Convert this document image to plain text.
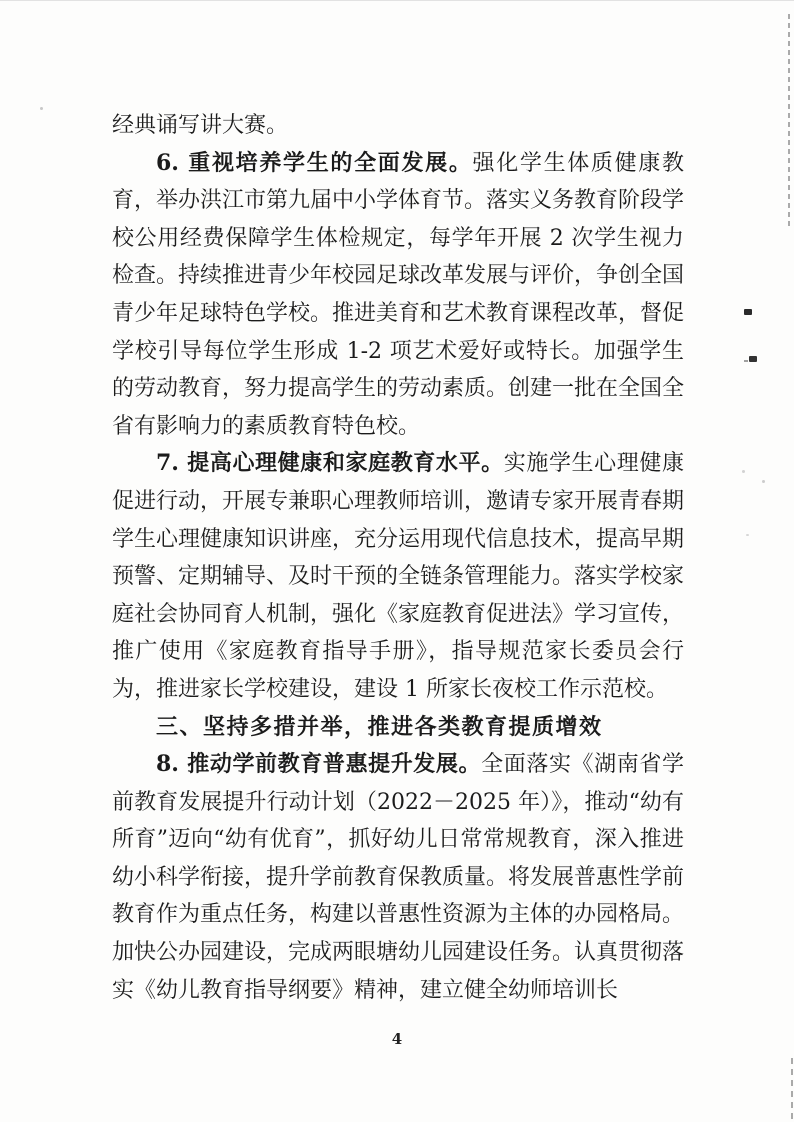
经典诵写讲大赛。

6. 重视培养学生的全面发展。强化学生体质健康教育，举办洪江市第九届中小学体育节。落实义务教育阶段学校公用经费保障学生体检规定，每学年开展 2 次学生视力检查。持续推进青少年校园足球改革发展与评价，争创全国青少年足球特色学校。推进美育和艺术教育课程改革，督促学校引导每位学生形成 1-2 项艺术爱好或特长。加强学生的劳动教育，努力提高学生的劳动素质。创建一批在全国全省有影响力的素质教育特色校。

7. 提高心理健康和家庭教育水平。实施学生心理健康促进行动，开展专兼职心理教师培训，邀请专家开展青春期学生心理健康知识讲座，充分运用现代信息技术，提高早期预警、定期辅导、及时干预的全链条管理能力。落实学校家庭社会协同育人机制，强化《家庭教育促进法》学习宣传，推广使用《家庭教育指导手册》，指导规范家长委员会行为，推进家长学校建设，建设 1 所家长夜校工作示范校。

三、坚持多措并举，推进各类教育提质增效

8. 推动学前教育普惠提升发展。全面落实《湖南省学前教育发展提升行动计划（2022－2025 年）》，推动“幼有所育”迈向“幼有优育”，抓好幼儿日常常规教育，深入推进幼小科学衔接，提升学前教育保教质量。将发展普惠性学前教育作为重点任务，构建以普惠性资源为主体的办园格局。加快公办园建设，完成两眼塘幼儿园建设任务。认真贯彻落实《幼儿教育指导纲要》精神，建立健全幼师培训长

4
